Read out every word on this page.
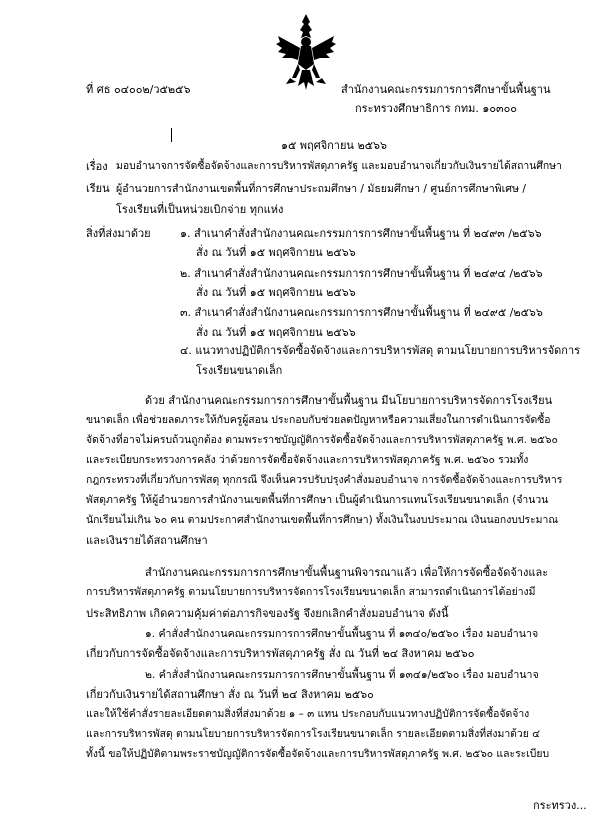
ที่ ศธ ๐๔๐๐๒/ว๕๒๕๖	สำนักงานคณะกรรมการการศึกษาขั้นพื้นฐาน
กระทรวงศึกษาธิการ กทม. ๑๐๓๐๐
๑๕ พฤศจิกายน ๒๕๖๖
เรื่อง มอบอำนาจการจัดซื้อจัดจ้างและการบริหารพัสดุภาครัฐ และมอบอำนาจเกี่ยวกับเงินรายได้สถานศึกษา
เรียน ผู้อำนวยการสำนักงานเขตพื้นที่การศึกษาประถมศึกษา / มัธยมศึกษา / ศูนย์การศึกษาพิเศษ /
โรงเรียนที่เป็นหน่วยเบิกจ่าย ทุกแห่ง
สิ่งที่ส่งมาด้วย	๑. สำเนาคำสั่งสำนักงานคณะกรรมการการศึกษาขั้นพื้นฐาน ที่ ๒๔๙๓ /๒๕๖๖
สั่ง ณ วันที่ ๑๕ พฤศจิกายน ๒๕๖๖
๒. สำเนาคำสั่งสำนักงานคณะกรรมการการศึกษาขั้นพื้นฐาน ที่ ๒๔๙๔ /๒๕๖๖
สั่ง ณ วันที่ ๑๕ พฤศจิกายน ๒๕๖๖
๓. สำเนาคำสั่งสำนักงานคณะกรรมการการศึกษาขั้นพื้นฐาน ที่ ๒๔๙๕ /๒๕๖๖
สั่ง ณ วันที่ ๑๕ พฤศจิกายน ๒๕๖๖
๔. แนวทางปฏิบัติการจัดซื้อจัดจ้างและการบริหารพัสดุ ตามนโยบายการบริหารจัดการ
โรงเรียนขนาดเล็ก
ด้วย สำนักงานคณะกรรมการการศึกษาขั้นพื้นฐาน มีนโยบายการบริหารจัดการโรงเรียน
ขนาดเล็ก เพื่อช่วยลดภาระให้กับครูผู้สอน ประกอบกับช่วยลดปัญหาหรือความเสี่ยงในการดำเนินการจัดซื้อ
จัดจ้างที่อาจไม่ครบถ้วนถูกต้อง ตามพระราชบัญญัติการจัดซื้อจัดจ้างและการบริหารพัสดุภาครัฐ พ.ศ. ๒๕๖๐
และระเบียบกระทรวงการคลัง ว่าด้วยการจัดซื้อจัดจ้างและการบริหารพัสดุภาครัฐ พ.ศ. ๒๕๖๐ รวมทั้ง
กฎกระทรวงที่เกี่ยวกับการพัสดุ ทุกกรณี จึงเห็นควรปรับปรุงคำสั่งมอบอำนาจ การจัดซื้อจัดจ้างและการบริหาร
พัสดุภาครัฐ ให้ผู้อำนวยการสำนักงานเขตพื้นที่การศึกษา เป็นผู้ดำเนินการแทนโรงเรียนขนาดเล็ก (จำนวน
นักเรียนไม่เกิน ๖๐ คน ตามประกาศสำนักงานเขตพื้นที่การศึกษา) ทั้งเงินในงบประมาณ เงินนอกงบประมาณ
และเงินรายได้สถานศึกษา
สำนักงานคณะกรรมการการศึกษาขั้นพื้นฐานพิจารณาแล้ว เพื่อให้การจัดซื้อจัดจ้างและ
การบริหารพัสดุภาครัฐ ตามนโยบายการบริหารจัดการโรงเรียนขนาดเล็ก สามารถดำเนินการได้อย่างมี
ประสิทธิภาพ เกิดความคุ้มค่าต่อภารกิจของรัฐ จึงยกเลิกคำสั่งมอบอำนาจ ดังนี้
๑. คำสั่งสำนักงานคณะกรรมการการศึกษาขั้นพื้นฐาน ที่ ๑๓๔๐/๒๕๖๐ เรื่อง มอบอำนาจ
เกี่ยวกับการจัดซื้อจัดจ้างและการบริหารพัสดุภาครัฐ สั่ง ณ วันที่ ๒๔ สิงหาคม ๒๕๖๐
๒. คำสั่งสำนักงานคณะกรรมการการศึกษาขั้นพื้นฐาน ที่ ๑๓๔๑/๒๕๖๐ เรื่อง มอบอำนาจ
เกี่ยวกับเงินรายได้สถานศึกษา สั่ง ณ วันที่ ๒๔ สิงหาคม ๒๕๖๐
และให้ใช้คำสั่งรายละเอียดตามสิ่งที่ส่งมาด้วย ๑ – ๓ แทน ประกอบกับแนวทางปฏิบัติการจัดซื้อจัดจ้าง
และการบริหารพัสดุ ตามนโยบายการบริหารจัดการโรงเรียนขนาดเล็ก รายละเอียดตามสิ่งที่ส่งมาด้วย ๔
ทั้งนี้ ขอให้ปฏิบัติตามพระราชบัญญัติการจัดซื้อจัดจ้างและการบริหารพัสดุภาครัฐ พ.ศ. ๒๕๖๐ และระเบียบ
กระทรวง...
